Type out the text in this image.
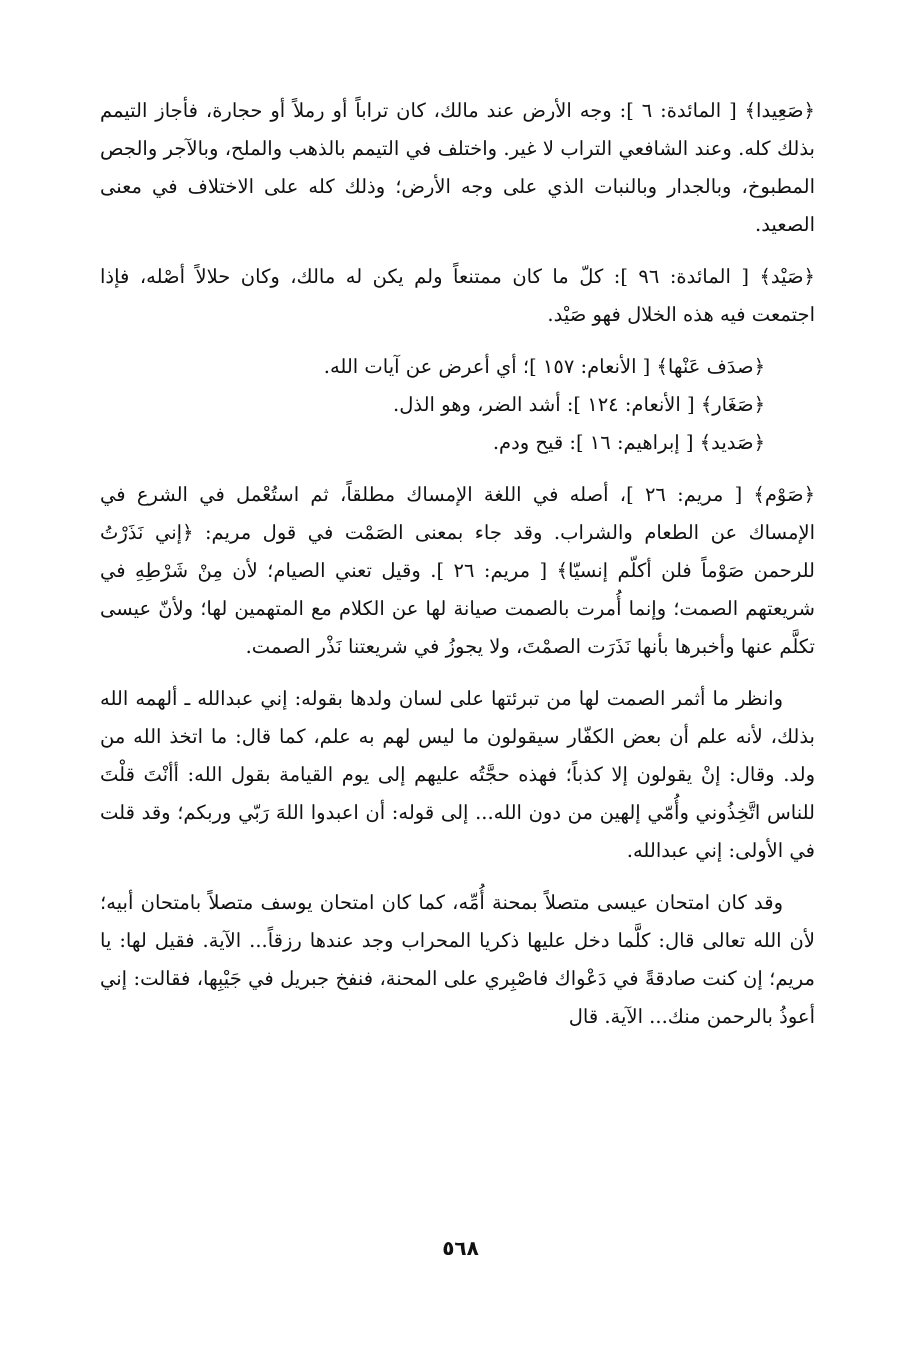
﴿صَعِيدا﴾ [ المائدة: ٦ ]: وجه الأرض عند مالك، كان تراباً أو رملاً أو حجارة، فأجاز التيمم بذلك كله. وعند الشافعي التراب لا غير. واختلف في التيمم بالذهب والملح، وبالآجر والجص المطبوخ، وبالجدار وبالنبات الذي على وجه الأرض؛ وذلك كله على الاختلاف في معنى الصعيد.

﴿صَيْد﴾ [ المائدة: ٩٦ ]: كلّ ما كان ممتنعاً ولم يكن له مالك، وكان حلالاً أصْله، فإذا اجتمعت فيه هذه الخلال فهو صَيْد.

﴿صدَف عَنْها﴾ [ الأنعام: ١٥٧ ]؛ أي أعرض عن آيات الله.

﴿صَغَار﴾ [ الأنعام: ١٢٤ ]: أشد الضر، وهو الذل.

﴿صَديد﴾ [ إبراهيم: ١٦ ]: قيح ودم.

﴿صَوْم﴾ [ مريم: ٢٦ ]، أصله في اللغة الإمساك مطلقاً، ثم استُعْمل في الشرع في الإمساك عن الطعام والشراب. وقد جاء بمعنى الصَمْت في قول مريم: ﴿إني نَذَرْتُ للرحمن صَوْماً فلن أكلّم إنسيّا﴾ [ مريم: ٢٦ ]. وقيل تعني الصيام؛ لأن مِنْ شَرْطِهِ في شريعتهم الصمت؛ وإنما أُمرت بالصمت صيانة لها عن الكلام مع المتهمين لها؛ ولأنّ عيسى تكلَّم عنها وأخبرها بأنها نَذَرَت الصمْتَ، ولا يجوزُ في شريعتنا نَذْر الصمت.

وانظر ما أثمر الصمت لها من تبرئتها على لسان ولدها بقوله: إني عبدالله ـ ألهمه الله بذلك، لأنه علم أن بعض الكفّار سيقولون ما ليس لهم به علم، كما قال: ما اتخذ الله من ولد. وقال: إنْ يقولون إلا كذباً؛ فهذه حجَّتُه عليهم إلى يوم القيامة بقول الله: أأنْتَ قلْتَ للناس اتَّخِذُوني وأُمّي إلهين من دون الله... إلى قوله: أن اعبدوا اللهَ رَبّي وربكم؛ وقد قلت في الأولى: إني عبدالله.

وقد كان امتحان عيسى متصلاً بمحنة أُمِّه، كما كان امتحان يوسف متصلاً بامتحان أبيه؛ لأن الله تعالى قال: كلَّما دخل عليها ذكريا المحراب وجد عندها رزقاً... الآية. فقيل لها: يا مريم؛ إن كنت صادقةً في دَعْواك فاصْبِري على المحنة، فنفخ جبريل في جَيْبِها، فقالت: إني أعوذُ بالرحمن منك... الآية. قال

٥٦٨
